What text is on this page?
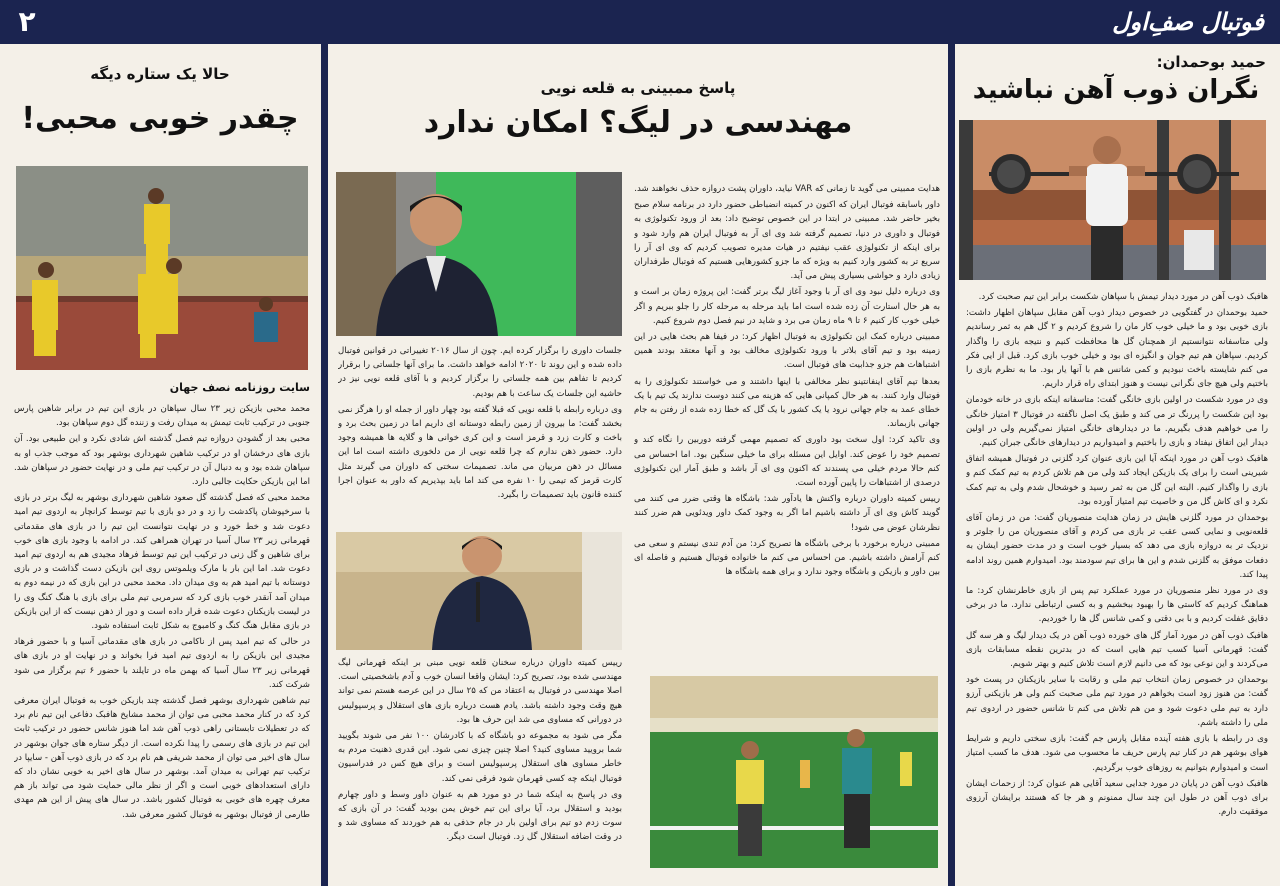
۲	فوتبال صف‌ِاول

حمید بوحمدان:

نگران ذوب آهن نباشید

هافبک ذوب آهن در مورد دیدار تیمش با سپاهان شکست برابر این تیم صحبت کرد.

حمید بوحمدان در گفتگویی در خصوص دیدار ذوب آهن مقابل سپاهان اظهار داشت: بازی خوبی بود و ما خیلی خوب کار مان را شروع کردیم و ۲ گل هم به ثمر رساندیم ولی متاسفانه نتوانستیم از همچنان گل ها محافظت کنیم و نتیجه بازی را واگذار کردیم. سپاهان هم تیم جوان و انگیزه ای بود و خیلی خوب بازی کرد. قبل از ایی فکر می کنم شایسته باخت نبودیم و کمی شانس هم با آنها یار بود. ما به نظرم بازی را باختیم ولی هیچ جای نگرانی نیست و هنوز ابتدای راه قرار داریم.

وی در مورد شکست در اولین بازی خانگی گفت: متاسفانه اینکه بازی در خانه خودمان بود این شکست را پررنگ تر می کند و طبق یک اصل ناگفته در فوتبال ۳ امتیاز خانگی را می خواهیم هدف بگیریم. ما در دیدارهای خانگی امتیاز نمی‌گیریم ولی در اولین دیدار این اتفاق نیفتاد و بازی را باختیم و امیدواریم در دیدارهای خانگی جبران کنیم.

هافبک ذوب آهن در مورد اینکه آیا این بازی عنوان کرد گلزنی در فوتبال همیشه اتفاق شیرینی است را برای یک بازیکن ایجاد کند ولی من هم تلاش کردم به تیم کمک کنم و بازی را واگذار کنیم. البته این گل من به ثمر رسید و خوشحال شدم ولی به تیم کمک نکرد و ای کاش گل من و خاصیت تیم امتیاز آورده بود.

بوحمدان در مورد گلزنی هایش در زمان هدایت منصوریان گفت: من در زمان آقای قلعه‌نویی و نمایی کسی عقب تر بازی می کردم و آقای منصوریان من را جلوتر و نزدیک تر به دروازه بازی می دهد که بسیار خوب است و در مدت حضور ایشان به دفعات موفق به گلزنی شدم و این ها برای تیم سودمند بود. امیدوارم همین روند ادامه پیدا کند.

وی در مورد نظر منصوریان در مورد عملکرد تیم پس از بازی خاطرنشان کرد: ما هماهنگ کردیم که کاستی ها را بهبود ببخشیم و به کسی ارتباطی ندارد. ما در برخی دقایق غفلت کردیم و با بی دقتی و کمی شانس گل ها را خوردیم.

هافبک ذوب آهن در مورد آمار گل های خورده ذوب آهن در یک دیدار لیگ و هر سه گل گفت: قهرمانی آسیا کسب تیم هایی است که در بدترین نقطه مسابقات بازی می‌کردند و این نوعی بود که می دانیم لازم است تلاش کنیم و بهتر شویم.

بوحمدان در خصوص زمان انتخاب تیم ملی و رقابت با سایر بازیکنان در پست خود گفت: من هنوز زود است بخواهم در مورد تیم ملی صحبت کنم ولی هر بازیکنی آرزو دارد به تیم ملی دعوت شود و من هم تلاش می کنم تا شانس حضور در اردوی تیم ملی را داشته باشم.

وی در رابطه با بازی هفته آینده مقابل پارس جم گفت: بازی سختی داریم و شرایط هوای بوشهر هم در کنار تیم پارس حریف ما محسوب می شود. هدف ما کسب امتیاز است و امیدوارم بتوانیم به روزهای خوب برگردیم.

هافبک ذوب آهن در پایان در مورد جدایی سعید آقایی هم عنوان کرد: از زحمات ایشان برای ذوب آهن در طول این چند سال ممنونم و هر جا که هستند برایشان آرزوی موفقیت دارم.

پاسخ ممبینی به قلعه نویی

مهندسی در لیگ؟ امکان ندارد

جلسات داوری را برگزار کرده ایم. چون از سال ۲۰۱۶ تغییراتی در قوانین فوتبال داده شده و این روند تا ۲۰۲۰ ادامه خواهد داشت. ما برای آنها جلساتی را برقرار کردیم تا تفاهم بین همه جلساتی را برگزار کردیم و با آقای قلعه نویی نیز در حاشیه این جلسات یک ساعت با هم بودیم.

وی درباره رابطه با قلعه نویی که قبلا گفته بود چهار داور از جمله او را هرگز نمی بخشد گفت: ما بیرون از زمین رابطه دوستانه ای داریم اما در زمین بحث برد و باخت و کارت زرد و قرمز است و این کری خوانی ها و گلایه ها همیشه وجود دارد. حضور ذهن ندارم که چرا قلعه نویی از من دلخوری داشته است اما این مسائل در ذهن مربیان می ماند. تصمیمات سختی که داوران می گیرند مثل کارت قرمز که تیمی را ۱۰ نفره می کند اما باید بپذیریم که داور به عنوان اجرا کننده قانون باید تصمیمات را بگیرد.

رییس کمیته داوران درباره سخنان قلعه نویی مبنی بر اینکه قهرمانی لیگ مهندسی شده بود، تصریح کرد: ایشان واقعا انسان خوب و آدم باشخصیتی است. اصلا مهندسی در فوتبال به اعتقاد من که ۲۵ سال در این عرصه هستم نمی تواند هیچ وقت وجود داشته باشد. یادم هست درباره بازی های استقلال و پرسپولیس در دورانی که مساوی می شد این حرف ها بود.

مگر می شود به مجموعه دو باشگاه که با کادرشان ۱۰۰ نفر می شوند بگویید شما برویید مساوی کنید؟ اصلا چنین چیزی نمی شود. این قدری ذهنیت مردم به خاطر مساوی های استقلال پرسپولیس است و برای هیچ کس در فدراسیون فوتبال اینکه چه کسی قهرمان شود فرقی نمی کند.

وی در پاسخ به اینکه شما در دو مورد هم به عنوان داور وسط و داور چهارم بودید و استقلال برد، آیا برای این تیم خوش یمن بودید گفت: در آن بازی که سوت زدم دو تیم برای اولین بار در جام حذفی به هم خوردند که مساوی شد و در وقت اضافه استقلال گل زد. فوتبال است دیگر.

هدایت ممبینی می گوید تا زمانی که VAR نیاید، داوران پشت دروازه حذف نخواهند شد.

داور باسابقه فوتبال ایران که اکنون در کمیته انضباطی حضور دارد در برنامه سلام صبح بخیر حاضر شد. ممبینی در ابتدا در این خصوص توضیح داد: بعد از ورود تکنولوژی به فوتبال و داوری در دنیا، تصمیم گرفته شد وی ای آر به فوتبال ایران هم وارد شود و برای اینکه از تکنولوژی عقب نیفتیم در هیات مدیره تصویب کردیم که وی ای آر را سریع تر به کشور وارد کنیم به ویژه که ما جزو کشورهایی هستیم که فوتبال طرفداران زیادی دارد و حواشی بسیاری پیش می آید.

وی درباره دلیل نبود وی ای آر با وجود آغاز لیگ برتر گفت: این پروژه زمان بر است و به هر حال استارت آن زده شده است اما باید مرحله به مرحله کار را جلو ببریم و اگر خیلی خوب کار کنیم ۶ تا ۹ ماه زمان می برد و شاید در نیم فصل دوم شروع کنیم.

ممبینی درباره کمک این تکنولوژی به فوتبال اظهار کرد: در فیفا هم بحث هایی در این زمینه بود و تیم آقای بلاتر با ورود تکنولوژی مخالف بود و آنها معتقد بودند همین اشتباهات هم جزو جذابیت های فوتبال است.

بعدها تیم آقای اینفانتینو نظر مخالفی با اینها داشتند و می خواستند تکنولوژی را به فوتبال وارد کنند. به هر حال کمپانی هایی که هزینه می کنند دوست ندارند یک تیم با یک خطای عمد به جام جهانی نرود یا یک کشور با یک گل که خطا زده شده از رفتن به جام جهانی بازبماند.

وی تاکید کرد: اول سخت بود داوری که تصمیم مهمی گرفته دوربین را نگاه کند و تصمیم خود را عوض کند. اوایل این مسئله برای ما خیلی سنگین بود. اما احساس می کنم حالا مردم خیلی می پسندند که اکنون وی ای آر باشد و طبق آمار این تکنولوژی درصدی از اشتباهات را پایین آورده است.

رییس کمیته داوران درباره واکنش ها یادآور شد: باشگاه ها وقتی ضرر می کنند می گویند کاش وی ای آر داشته باشیم اما اگر به وجود کمک داور ویدئویی هم ضرر کنند نظرشان عوض می شود!

ممبینی درباره برخورد با برخی باشگاه ها تصریح کرد: من آدم تندی نیستم و سعی می کنم آرامش داشته باشیم. من احساس می کنم ما خانواده فوتبال هستیم و فاصله ای بین داور و بازیکن و باشگاه وجود ندارد و برای همه باشگاه ها

حالا یک ستاره دیگه

چقدر خوبی محبی!

سایت روزنامه نصف جهان

محمد محبی بازیکن زیر ۲۳ سال سپاهان در بازی این تیم در برابر شاهین پارس جنوبی در ترکیب ثابت تیمش به میدان رفت و زننده گل دوم سپاهان بود.

محبی بعد از گشودن دروازه تیم فصل گذشته اش شادی نکرد و این طبیعی بود. آن بازی های درخشان او در ترکیب شاهین شهرداری بوشهر بود که موجب جذب او به سپاهان شده بود و به دنبال آن در ترکیب تیم ملی و در نهایت حضور در سپاهان شد. اما این بازیکن حکایت جالبی دارد.

محمد محبی که فصل گذشته گل صعود شاهین شهرداری بوشهر به لیگ برتر در بازی با سرخپوشان پاکدشت را زد و در دو بازی با تیم توسط کرانچار به اردوی تیم امید دعوت شد و خط خورد و در نهایت نتوانست این تیم را در بازی های مقدماتی قهرمانی زیر ۲۳ سال آسیا در تهران همراهی کند. در ادامه با وجود بازی های خوب برای شاهین و گل زنی در ترکیب این تیم توسط فرهاد مجیدی هم به اردوی تیم امید دعوت شد. اما این بار با مارک ویلموتس روی این بازیکن دست گذاشت و در بازی دوستانه با تیم امید هم به وی میدان داد. محمد محبی در این بازی که در نیمه دوم به میدان آمد آنقدر خوب بازی کرد که سرمربی تیم ملی برای بازی با هنگ کنگ وی را در لیست بازیکنان دعوت شده قرار داده است و دور از ذهن نیست که از این بازیکن در بازی مقابل هنگ کنگ و کامبوج به شکل ثابت استفاده شود.

در حالی که تیم امید پس از ناکامی در بازی های مقدماتی آسیا و با حضور فرهاد مجیدی این بازیکن را به اردوی تیم امید فرا بخواند و در نهایت او در بازی های قهرمانی زیر ۲۳ سال آسیا که بهمن ماه در تایلند با حضور ۶ تیم برگزار می شود شرکت کند.

تیم شاهین شهرداری بوشهر فصل گذشته چند بازیکن خوب به فوتبال ایران معرفی کرد که در کنار محمد محبی می توان از محمد مشایخ هافبک دفاعی این تیم نام برد که در تعطیلات تابستانی راهی ذوب آهن شد اما هنوز شانس حضور در ترکیب ثابت این تیم در بازی های رسمی را پیدا نکرده است. از دیگر ستاره های جوان بوشهر در سال های اخیر می توان از محمد شریفی هم نام برد که در بازی ذوب آهن - سایپا در ترکیب تیم تهرانی به میدان آمد. بوشهر در سال های اخیر به خوبی نشان داد که دارای استعدادهای خوبی است و اگر از نظر مالی حمایت شود می تواند باز هم معرف چهره های خوبی به فوتبال کشور باشد. در سال های پیش از این هم مهدی طارمی از فوتبال بوشهر به فوتبال کشور معرفی شد.
